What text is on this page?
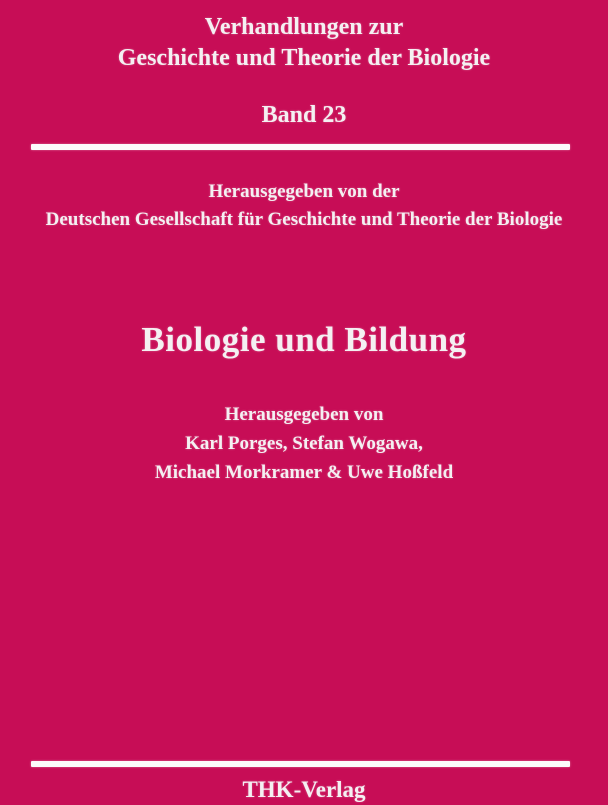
Verhandlungen zur
Geschichte und Theorie der Biologie
Band 23
Herausgegeben von der
Deutschen Gesellschaft für Geschichte und Theorie der Biologie
Biologie und Bildung
Herausgegeben von
Karl Porges, Stefan Wogawa,
Michael Morkramer & Uwe Hoßfeld
THK-Verlag
